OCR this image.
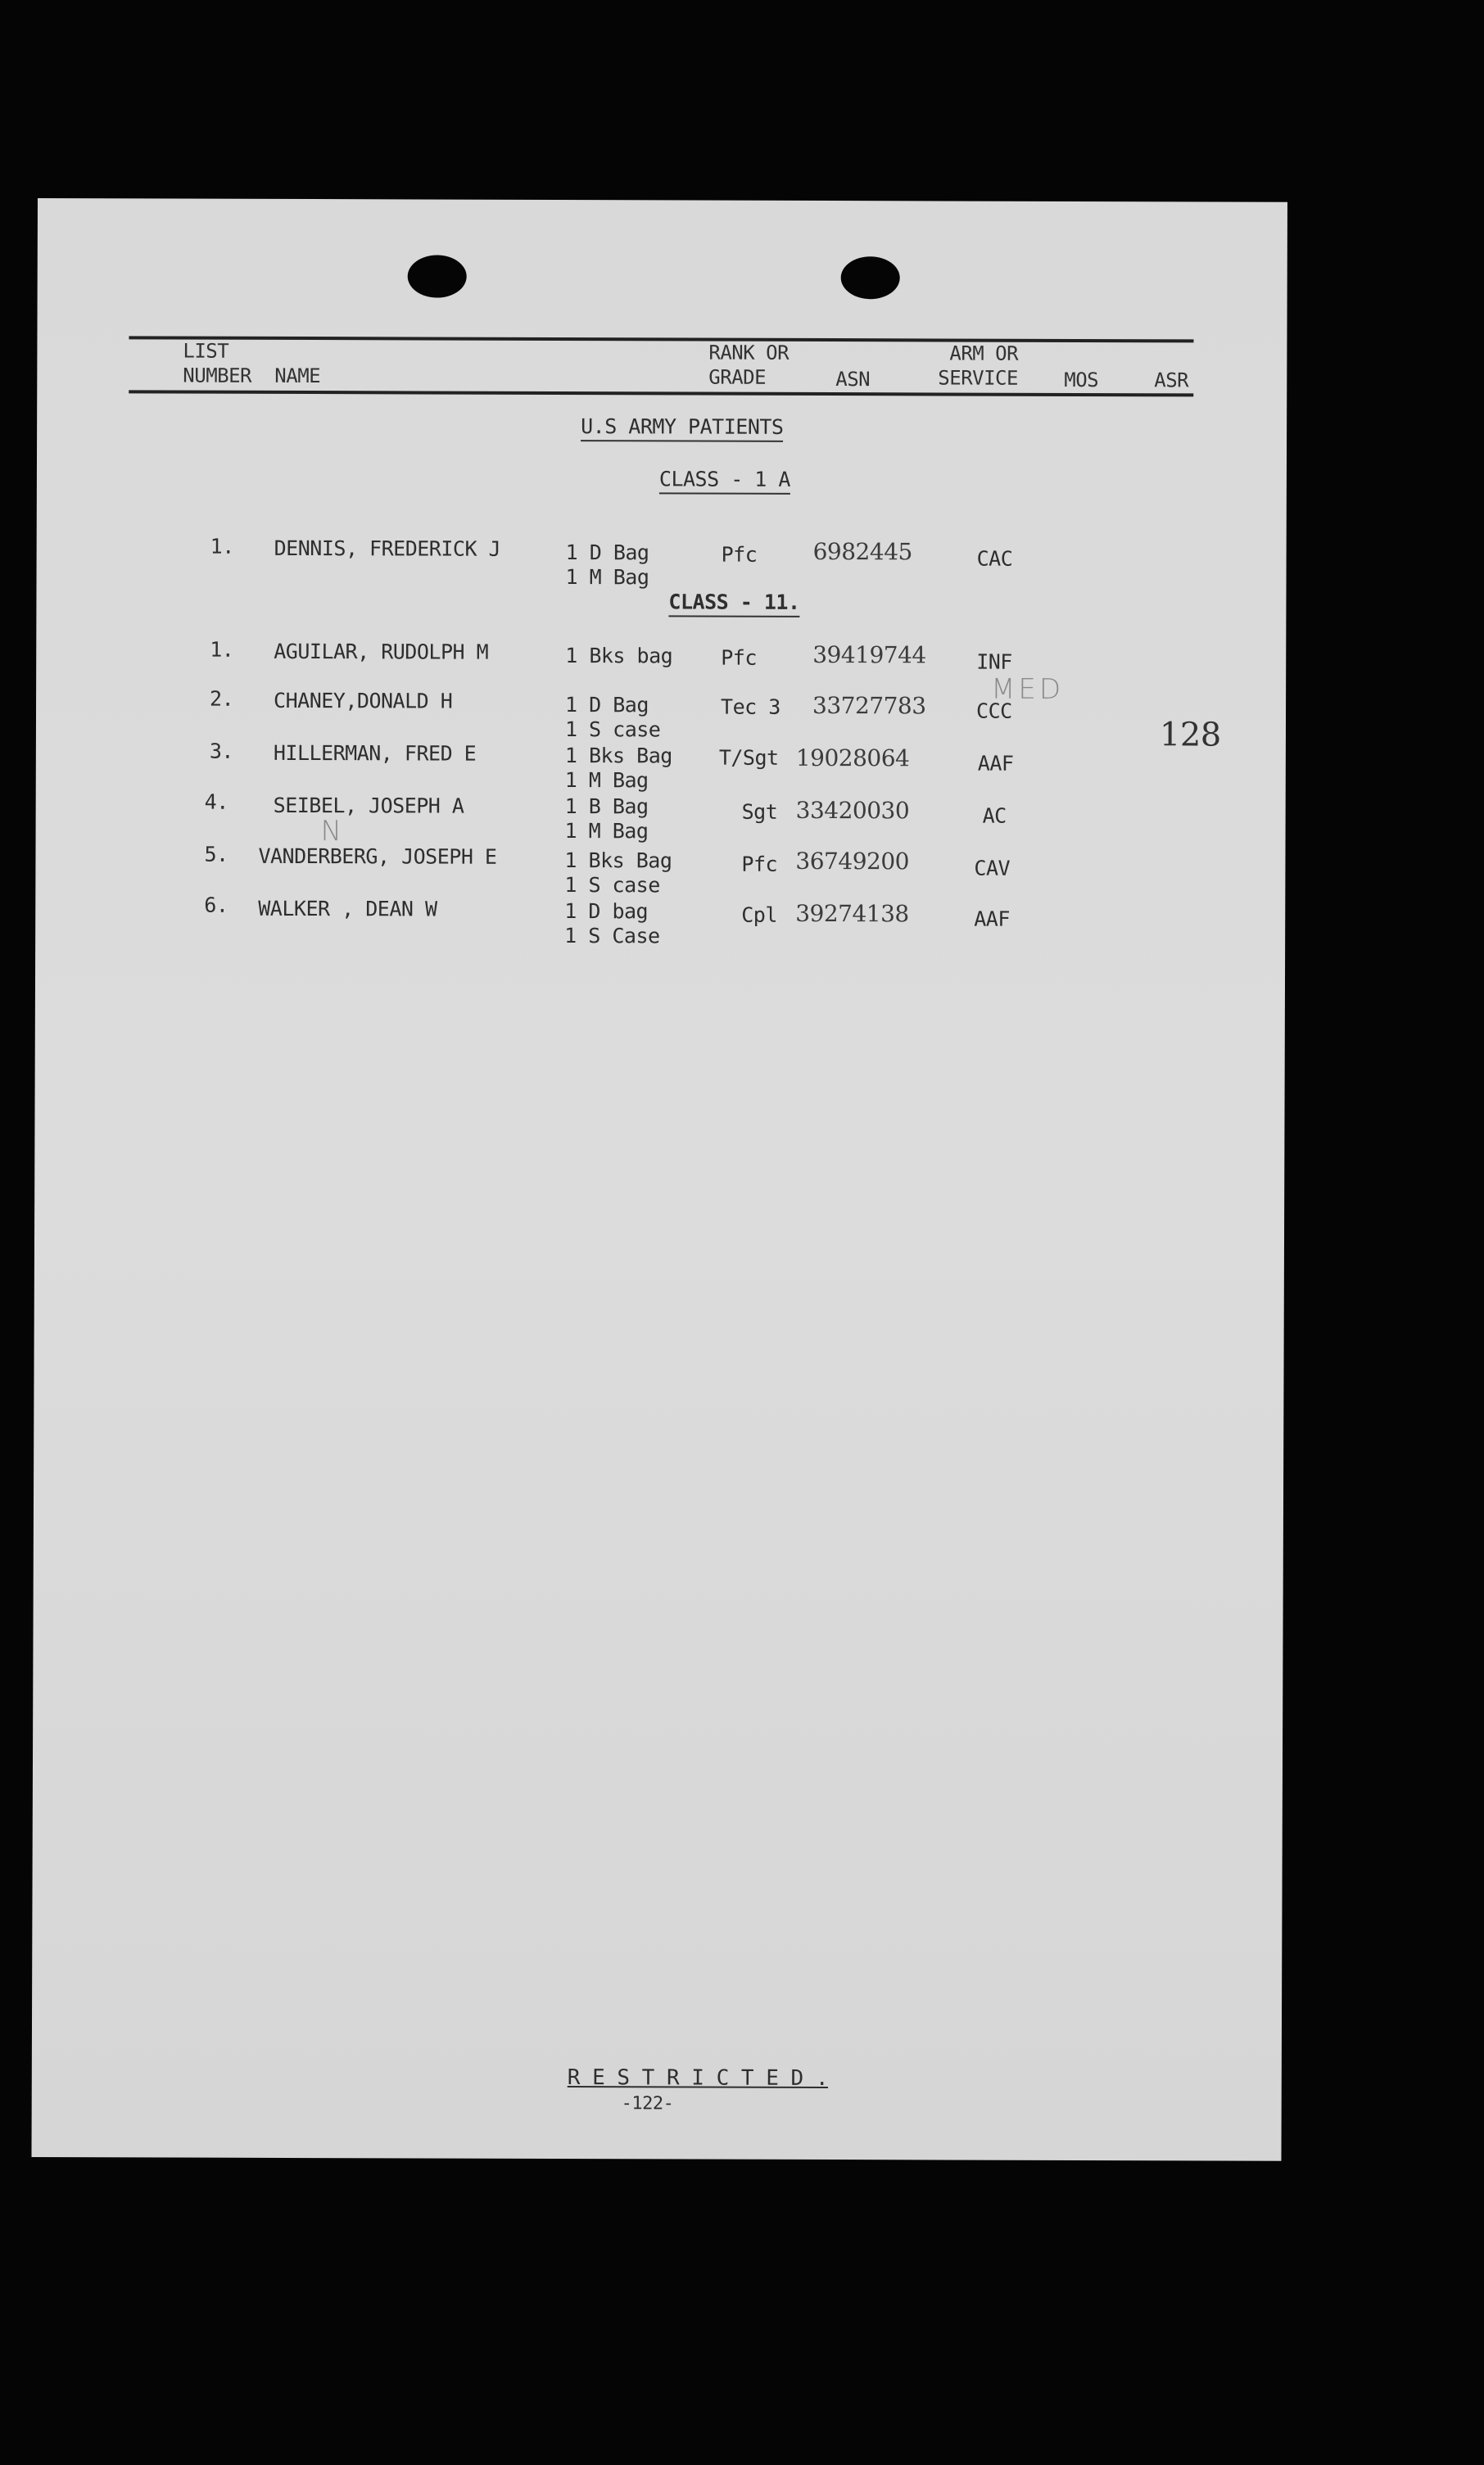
LIST
NUMBER NAME
RANK OR
GRADE	ASN
ARM OR
SERVICE MOS	ASR
U.S ARMY PATIENTS
CLASS - 1 A
1. DENNIS, FREDERICK J	1 D Bag
1 M Bag
Pfc 6982445	CAC
CLASS - 11.
1. AGUILAR, RUDOLPH M	1 Bks bag Pfc 39419744 INF
MED
2. CHANEY,DONALD H	1 D Bag
1 S case
Tec 3 33727783 CCC
128
3. HILLERMAN, FRED E	1 Bks Bag
1 M Bag
T/Sgt 19028064	AAF
4. SEIBEL, JOSEPH A	1 B Bag
1 M Bag
Sgt 33420030	AC
N
5. VANDERBERG, JOSEPH E	1 Bks Bag
1 S case
Pfc 36749200	CAV
6. WALKER , DEAN W	1 D bag
1 S Case
Cpl 39274138	AAF
R E S T R I C T E D .
-122-
